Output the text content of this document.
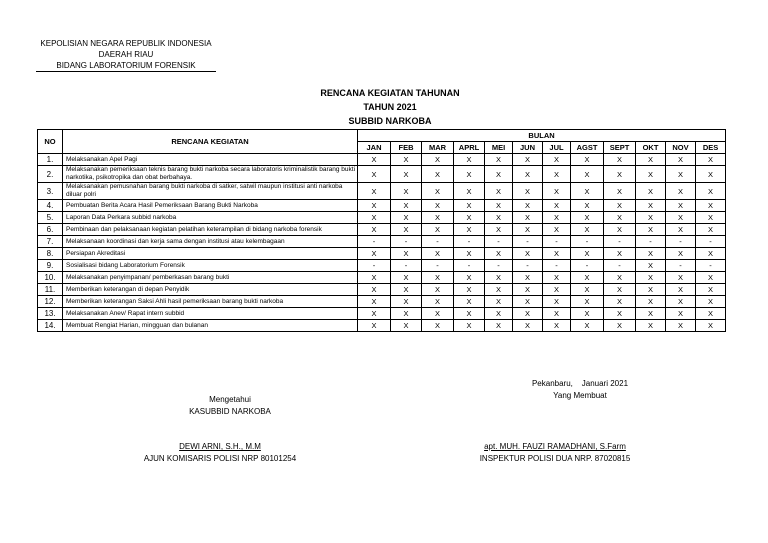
KEPOLISIAN NEGARA REPUBLIK INDONESIA
DAERAH RIAU
BIDANG LABORATORIUM FORENSIK
RENCANA KEGIATAN TAHUNAN
TAHUN 2021
SUBBID NARKOBA
NO	RENCANA KEGIATAN	BULAN											
		JAN	FEB	MAR	APRL	MEI	JUN	JUL	AGST	SEPT	OKT	NOV	DES
1.	Melaksanakan Apel Pagi	X	X	X	X	X	X	X	X	X	X	X	X
2.	Melaksanakan pemeriksaan teknis barang bukti narkoba secara laboratoris kriminalistik barang bukti narkotika, psikotropika dan obat berbahaya.	X	X	X	X	X	X	X	X	X	X	X	X
3.	Melaksanakan pemusnahan barang bukti narkoba di satker, satwil maupun institusi anti narkoba diluar polri	X	X	X	X	X	X	X	X	X	X	X	X
4.	Pembuatan Berita Acara Hasil Pemeriksaan Barang Bukti Narkoba	X	X	X	X	X	X	X	X	X	X	X	X
5.	Laporan Data Perkara subbid narkoba	X	X	X	X	X	X	X	X	X	X	X	X
6.	Pembinaan dan pelaksanaan kegiatan pelatihan keterampilan di bidang narkoba forensik	X	X	X	X	X	X	X	X	X	X	X	X
7.	Melaksanaan koordinasi dan kerja sama dengan institusi atau kelembagaan	-	-	-	-	-	-	-	-	-	-	-	-
8.	Persiapan Akreditasi	X	X	X	X	X	X	X	X	X	X	X	X
9.	Sosialisasi bidang Laboratorium Forensik	-	-	-	-	-	-	-	-	-	X	-	-
10.	Melaksanakan penyimpanan/ pemberkasan barang bukti	X	X	X	X	X	X	X	X	X	X	X	X
11.	Memberikan keterangan di depan Penyidik	X	X	X	X	X	X	X	X	X	X	X	X
12.	Memberikan keterangan Saksi Ahli hasil pemeriksaan barang bukti narkoba	X	X	X	X	X	X	X	X	X	X	X	X
13.	Melaksanakan Anev/ Rapat intern subbid	X	X	X	X	X	X	X	X	X	X	X	X
14.	Membuat Rengiat Harian, mingguan dan bulanan	X	X	X	X	X	X	X	X	X	X	X	X
Mengetahui
KASUBBID NARKOBA
DEWI ARNI, S.H., M.M
AJUN KOMISARIS POLISI NRP 80101254
Pekanbaru,    Januari 2021
Yang Membuat
apt. MUH. FAUZI RAMADHANI, S.Farm
INSPEKTUR POLISI DUA NRP. 87020815
